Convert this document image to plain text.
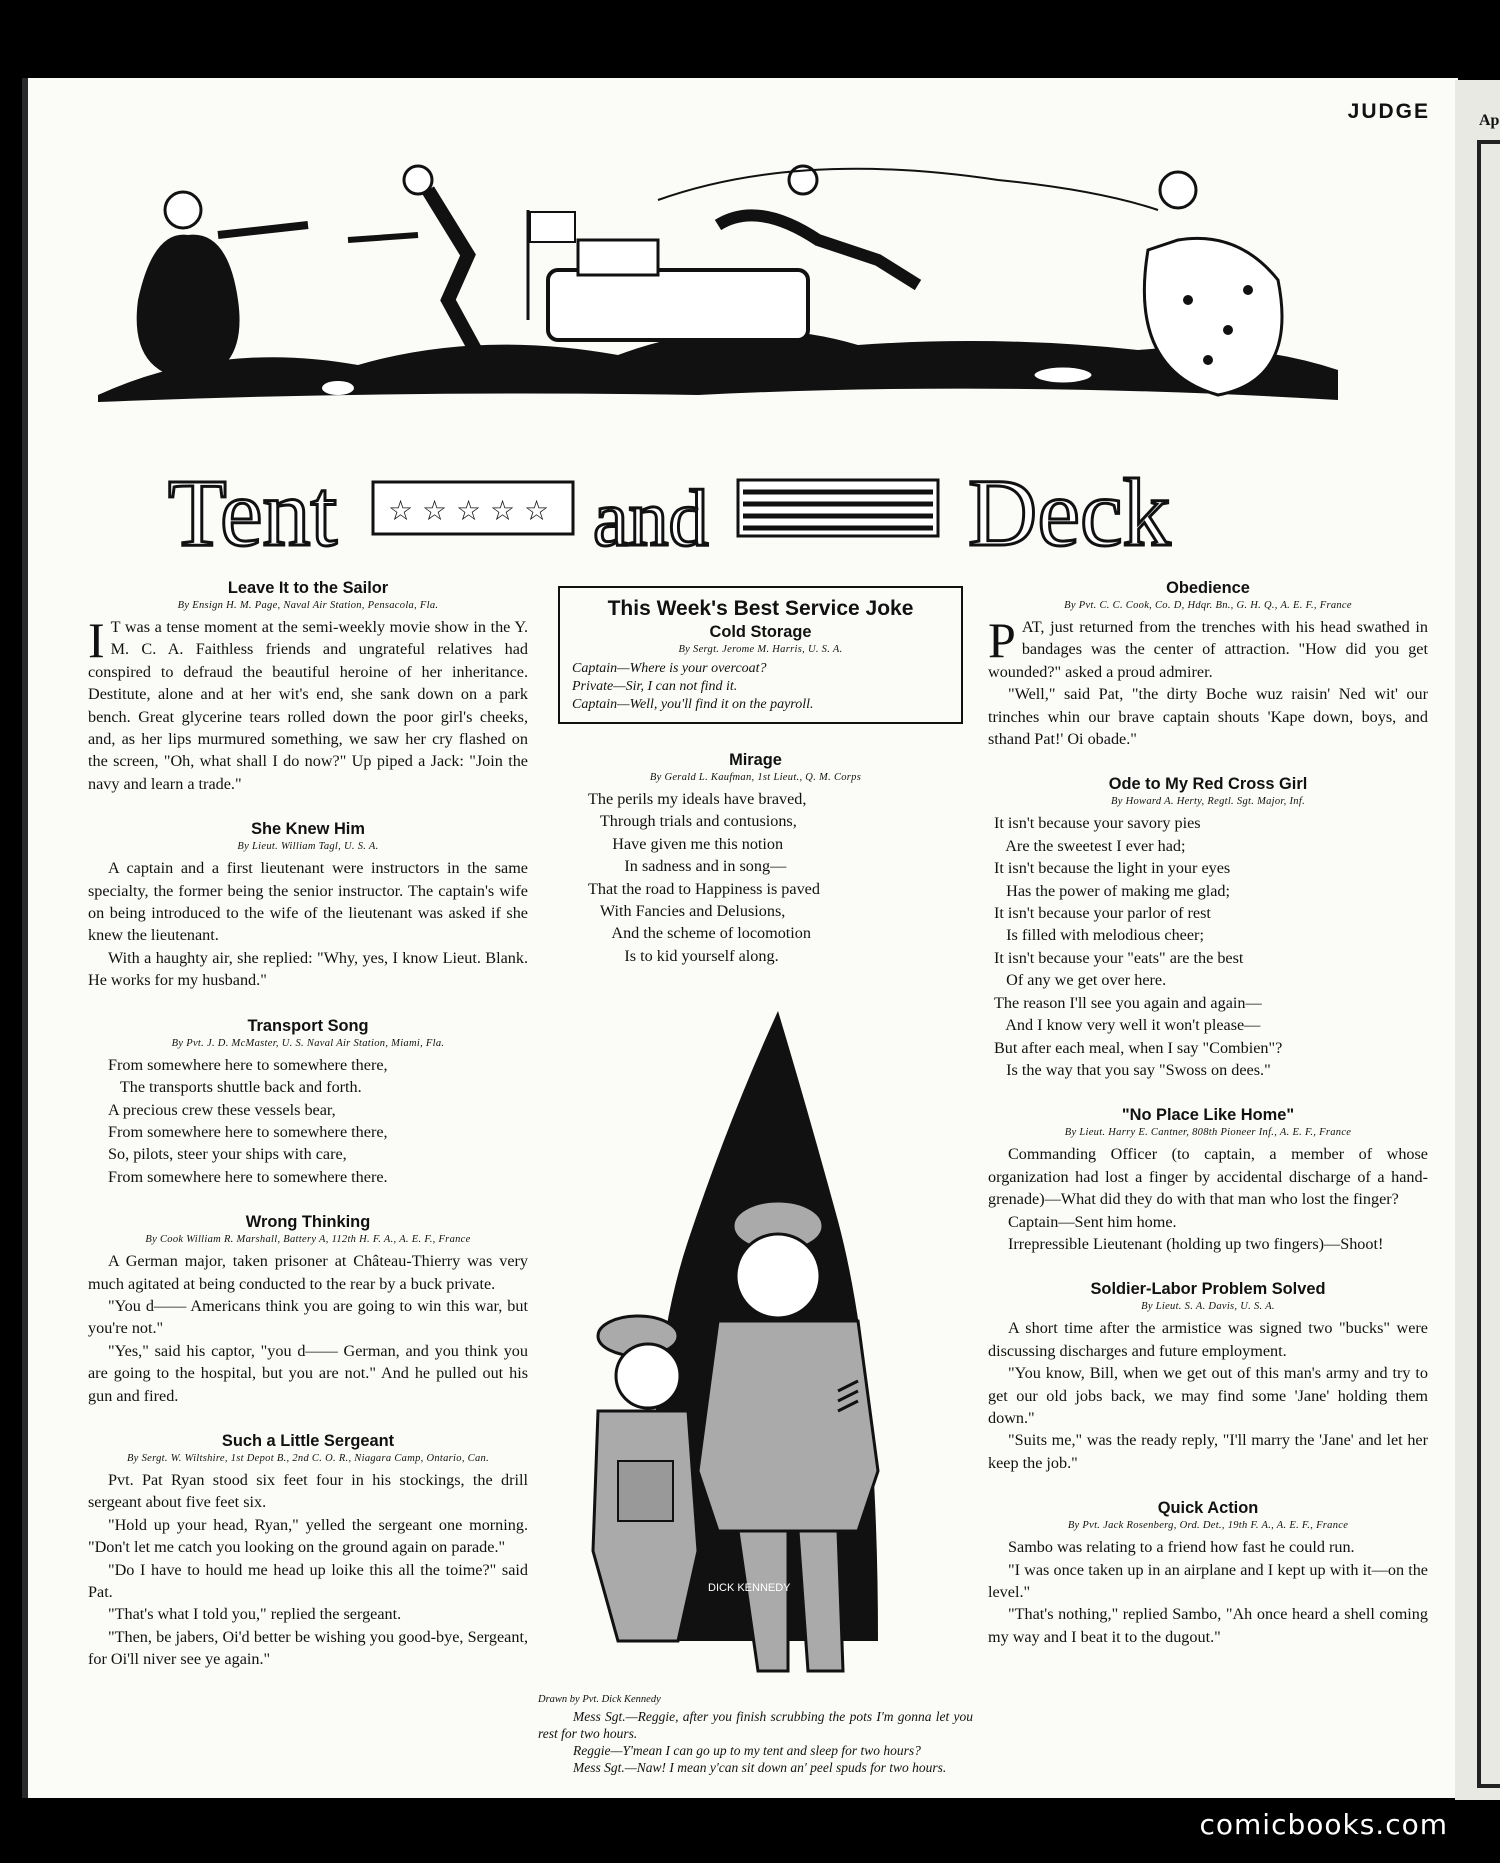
JUDGE
Tent ☆ ☆ ☆ ☆ ☆ and	Deck
Leave It to the Sailor
By Ensign H. M. Page, Naval Air Station, Pensacola, Fla.

I T was a tense moment at the semi-weekly movie show in the Y. M. C. A. Faithless friends and ungrateful relatives had conspired to defraud the beautiful heroine of her inheritance. Destitute, alone and at her wit's end, she sank down on a park bench. Great glycerine tears rolled down the poor girl's cheeks, and, as her lips murmured something, we saw her cry flashed on the screen, "Oh, what shall I do now?" Up piped a Jack: "Join the navy and learn a trade."

She Knew Him
By Lieut. William Tagl, U. S. A.

A captain and a first lieutenant were instructors in the same specialty, the former being the senior instructor. The captain's wife on being introduced to the wife of the lieutenant was asked if she knew the lieutenant.

With a haughty air, she replied: "Why, yes, I know Lieut. Blank. He works for my husband."

Transport Song
By Pvt. J. D. McMaster, U. S. Naval Air Station, Miami, Fla.
From somewhere here to somewhere there,
The transports shuttle back and forth.
A precious crew these vessels bear,
From somewhere here to somewhere there,
So, pilots, steer your ships with care,
From somewhere here to somewhere there.
Wrong Thinking
By Cook William R. Marshall, Battery A, 112th H. F. A., A. E. F., France

A German major, taken prisoner at Château-Thierry was very much agitated at being conducted to the rear by a buck private.

"You d—— Americans think you are going to win this war, but you're not."

"Yes," said his captor, "you d—— German, and you think you are going to the hospital, but you are not." And he pulled out his gun and fired.

Such a Little Sergeant
By Sergt. W. Wiltshire, 1st Depot B., 2nd C. O. R., Niagara Camp, Ontario, Can.

Pvt. Pat Ryan stood six feet four in his stockings, the drill sergeant about five feet six.

"Hold up your head, Ryan," yelled the sergeant one morning. "Don't let me catch you looking on the ground again on parade."

"Do I have to hould me head up loike this all the toime?" said Pat.

"That's what I told you," replied the sergeant.

"Then, be jabers, Oi'd better be wishing you good-bye, Sergeant, for Oi'll niver see ye again."

This Week's Best Service Joke
Cold Storage
By Sergt. Jerome M. Harris, U. S. A.
Captain—Where is your overcoat?
Private—Sir, I can not find it.
Captain—Well, you'll find it on the payroll.
Mirage
By Gerald L. Kaufman, 1st Lieut., Q. M. Corps
The perils my ideals have braved,
Through trials and contusions,
Have given me this notion
In sadness and in song—
That the road to Happiness is paved
With Fancies and Delusions,
And the scheme of locomotion
Is to kid yourself along.
DICK KENNEDY
Drawn by Pvt. Dick Kennedy

Mess Sgt.—Reggie, after you finish scrubbing the pots I'm gonna let you rest for two hours.

Reggie—Y'mean I can go up to my tent and sleep for two hours?

Mess Sgt.—Naw! I mean y'can sit down an' peel spuds for two hours.

Obedience
By Pvt. C. C. Cook, Co. D, Hdqr. Bn., G. H. Q., A. E. F., France

PAT, just returned from the trenches with his head swathed in bandages was the center of attraction. "How did you get wounded?" asked a proud admirer.

"Well," said Pat, "the dirty Boche wuz raisin' Ned wit' our trinches whin our brave captain shouts 'Kape down, boys, and sthand Pat!' Oi obade."

Ode to My Red Cross Girl
By Howard A. Herty, Regtl. Sgt. Major, Inf.
It isn't because your savory pies
Are the sweetest I ever had;
It isn't because the light in your eyes
Has the power of making me glad;
It isn't because your parlor of rest
Is filled with melodious cheer;
It isn't because your "eats" are the best
Of any we get over here.
The reason I'll see you again and again—
And I know very well it won't please—
But after each meal, when I say "Combien"?
Is the way that you say "Swoss on dees."
"No Place Like Home"
By Lieut. Harry E. Cantner, 808th Pioneer Inf., A. E. F., France

Commanding Officer (to captain, a member of whose organization had lost a finger by accidental discharge of a hand-grenade)—What did they do with that man who lost the finger?

Captain—Sent him home.

Irrepressible Lieutenant (holding up two fingers)—Shoot!

Soldier-Labor Problem Solved
By Lieut. S. A. Davis, U. S. A.

A short time after the armistice was signed two "bucks" were discussing discharges and future employment.

"You know, Bill, when we get out of this man's army and try to get our old jobs back, we may find some 'Jane' holding them down."

"Suits me," was the ready reply, "I'll marry the 'Jane' and let her keep the job."

Quick Action
By Pvt. Jack Rosenberg, Ord. Det., 19th F. A., A. E. F., France

Sambo was relating to a friend how fast he could run.

"I was once taken up in an airplane and I kept up with it—on the level."

"That's nothing," replied Sambo, "Ah once heard a shell coming my way and I beat it to the dugout."

Ap
comicbooks.com
